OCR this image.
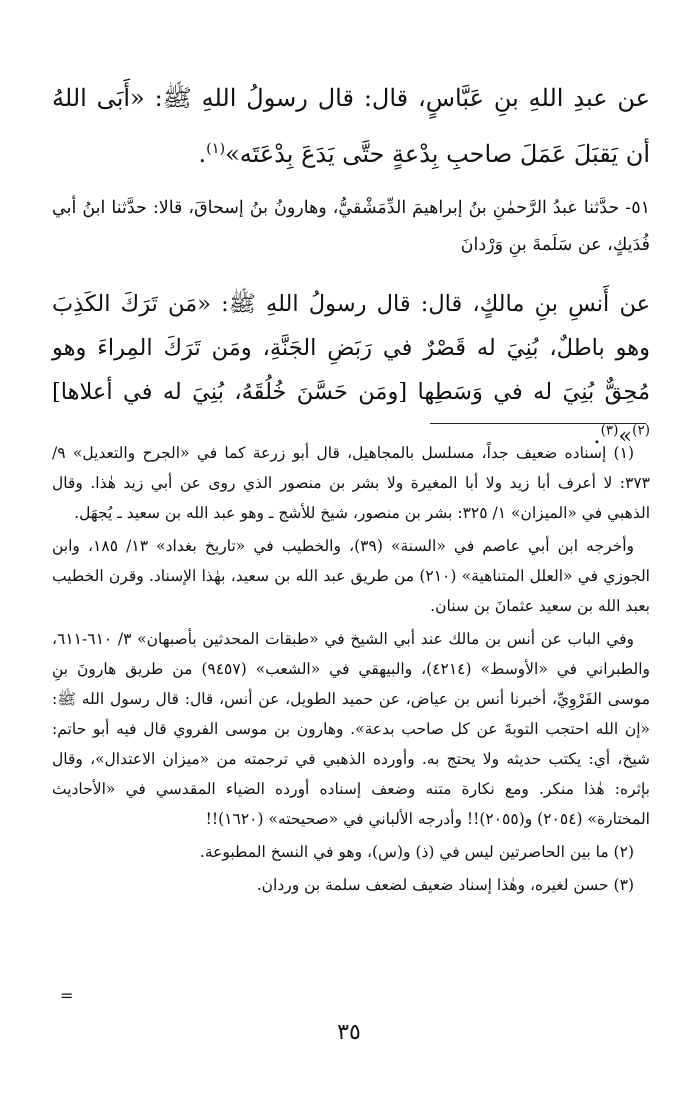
عن عبدِ اللهِ بنِ عَبَّاسٍ، قال: قال رسولُ اللهِ ﷺ: «أَبَى اللهُ أن يَقبَلَ عَمَلَ صاحبِ بِدْعةٍ حتَّى يَدَعَ بِدْعَتَه»$^{(١)}$.

٥١- حدَّثنا عبدُ الرَّحمٰنِ بنُ إبراهيمَ الدِّمَشْقيُّ، وهارونُ بنُ إسحاقَ، قالا: حدَّثنا ابنُ أبي فُدَيكٍ، عن سَلَمةَ بنِ وَرْدانَ

عن أَنسِ بنِ مالكٍ، قال: قال رسولُ اللهِ ﷺ: «مَن تَرَكَ الكَذِبَ وهو باطلٌ، بُنِيَ له قَصْرٌ في رَبَضِ الجَنَّةِ، ومَن تَرَكَ المِراءَ وهو مُحِقٌّ بُنِيَ له في وَسَطِها [ومَن حَسَّنَ خُلُقَهُ، بُنِيَ له في أعلاها]$^{(٢)}$»$^{(٣)}$.

(١) إسناده ضعيف جداً، مسلسل بالمجاهيل، قال أبو زرعة كما في «الجرح والتعديل» ٩/ ٣٧٣: لا أعرف أبا زيد ولا أبا المغيرة ولا بشر بن منصور الذي روى عن أبي زيد هٰذا. وقال الذهبي في «الميزان» ١/ ٣٢٥: بشر بن منصور، شيخ للأشج ـ وهو عبد الله بن سعيد ـ يُجهَل.

وأخرجه ابن أبي عاصم في «السنة» (٣٩)، والخطيب في «تاريخ بغداد» ١٣/ ١٨٥، وابن الجوزي في «العلل المتناهية» (٢١٠) من طريق عبد الله بن سعيد، بهٰذا الإسناد. وقرن الخطيب بعبد الله بن سعيد عثمانَ بن سنان.

وفي الباب عن أنس بن مالك عند أبي الشيخ في «طبقات المحدثين بأصبهان» ٣/ ٦١٠-٦١١، والطبراني في «الأوسط» (٤٢١٤)، والبيهقي في «الشعب» (٩٤٥٧) من طريق هارونَ بنِ موسى الفَرْوِيِّ، أخبرنا أنس بن عياض، عن حميد الطويل، عن أنس، قال: قال رسول الله ﷺ: «إن الله احتجب التوبةَ عن كل صاحب بدعة». وهارون بن موسى الفروي قال فيه أبو حاتم: شيخ، أي: يكتب حديثه ولا يحتج به. وأورده الذهبي في ترجمته من «ميزان الاعتدال»، وقال بإثره: هٰذا منكر. ومع نكارة متنه وضعف إسناده أورده الضياء المقدسي في «الأحاديث المختارة» (٢٠٥٤) و(٢٠٥٥)!! وأدرجه الألباني في «صحيحته» (١٦٢٠)!!

(٢) ما بين الحاصرتين ليس في (ذ) و(س)، وهو في النسخ المطبوعة.

(٣) حسن لغيره، وهٰذا إسناد ضعيف لضعف سلمة بن وردان.

=
٣٥
